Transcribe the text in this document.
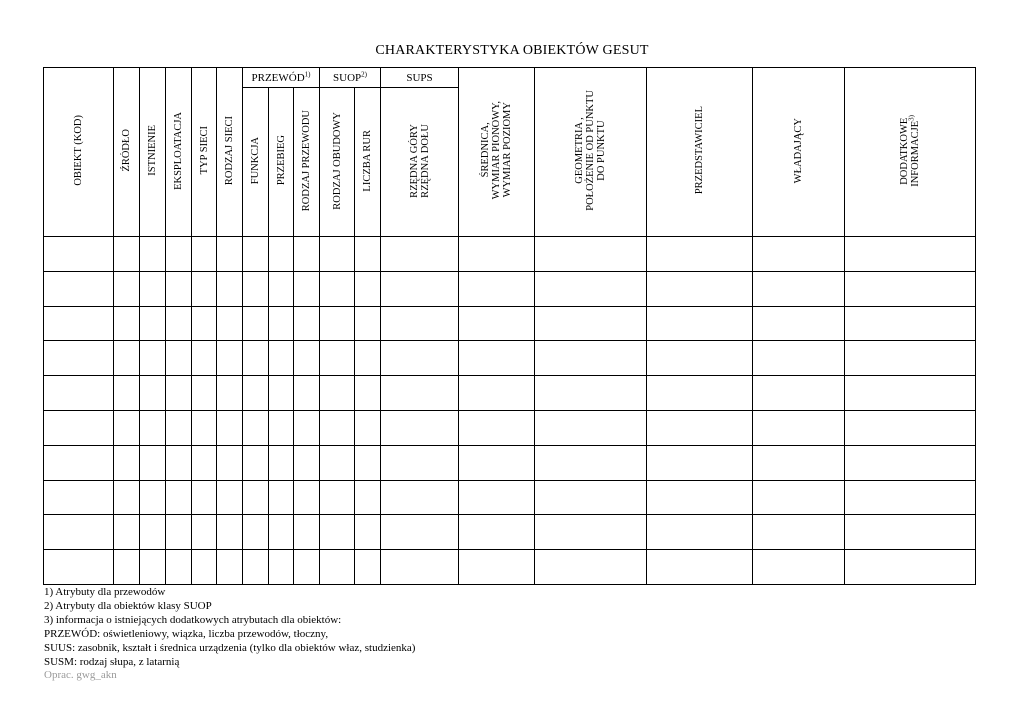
CHARAKTERYSTYKA OBIEKTÓW GESUT
OBIEKT (KOD)	ŹRÓDŁO	ISTNIENIE	EKSPLOATACJA	TYP SIECI	RODZAJ SIECI	PRZEWÓD$^{1)}$			SUOP$^{2)}$		SUPS	ŚREDNICA, WYMIAR PIONOWY, WYMIAR POZIOMY	GEOMETRIA , POŁOŻENIE OD PUNKTU DO PUNKTU	PRZEDSTAWICIEL	WŁADAJĄCY	DODATKOWE INFORMACJE$^{3)}$

						FUNKCJA	PRZEBIEG	RODZAJ PRZEWODU	RODZAJ OBUDOWY	LICZBA RUR	RZĘDNA GÓRY RZĘDNA DOŁU					

1) Atrybuty dla przewodów
2) Atrybuty dla obiektów klasy SUOP
3) informacja o istniejących dodatkowych atrybutach dla obiektów:
PRZEWÓD: oświetleniowy, wiązka, liczba przewodów, tłoczny,
SUUS: zasobnik, kształt i średnica urządzenia (tylko dla obiektów właz, studzienka)
SUSM: rodzaj słupa, z latarnią
Oprac. gwg_akn
